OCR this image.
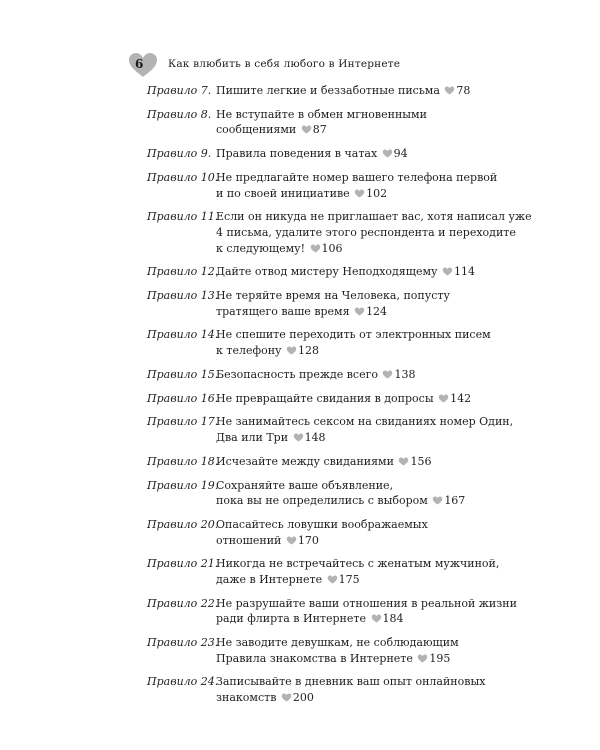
6 Как влюбить в себя любого в Интернете
Правило 7. Пишите легкие и беззаботные письма 78
Правило 8. Не вступайте в обмен мгновенными
сообщениями 87
Правило 9. Правила поведения в чатах 94
Правило 10.
Не предлагайте номер вашего телефона первой
и по своей инициативе 102
Правило 11.
Если он никуда не приглашает вас, хотя написал уже
4 письма, удалите этого респондента и переходите
к следующему! 106
Правило 12.
Дайте отвод мистеру Неподходящему 114
Правило 13.
Не теряйте время на Человека, попусту
тратящего ваше время 124
Правило 14.
Не спешите переходить от электронных писем
к телефону 128
Правило 15.
Безопасность прежде всего 138
Правило 16.
Не превращайте свидания в допросы 142
Правило 17.
Не занимайтесь сексом на свиданиях номер Один,
Два или Три 148
Правило 18.
Исчезайте между свиданиями 156
Правило 19.
Сохраняйте ваше объявление,
пока вы не определились с выбором 167
Правило 20.
Опасайтесь ловушки воображаемых
отношений 170
Правило 21.
Никогда не встречайтесь с женатым мужчиной,
даже в Интернете 175
Правило 22.
Не разрушайте ваши отношения в реальной жизни
ради флирта в Интернете 184
Правило 23.
Не заводите девушкам, не соблюдающим
Правила знакомства в Интернете 195
Правило 24.
Записывайте в дневник ваш опыт онлайновых
знакомств 200
